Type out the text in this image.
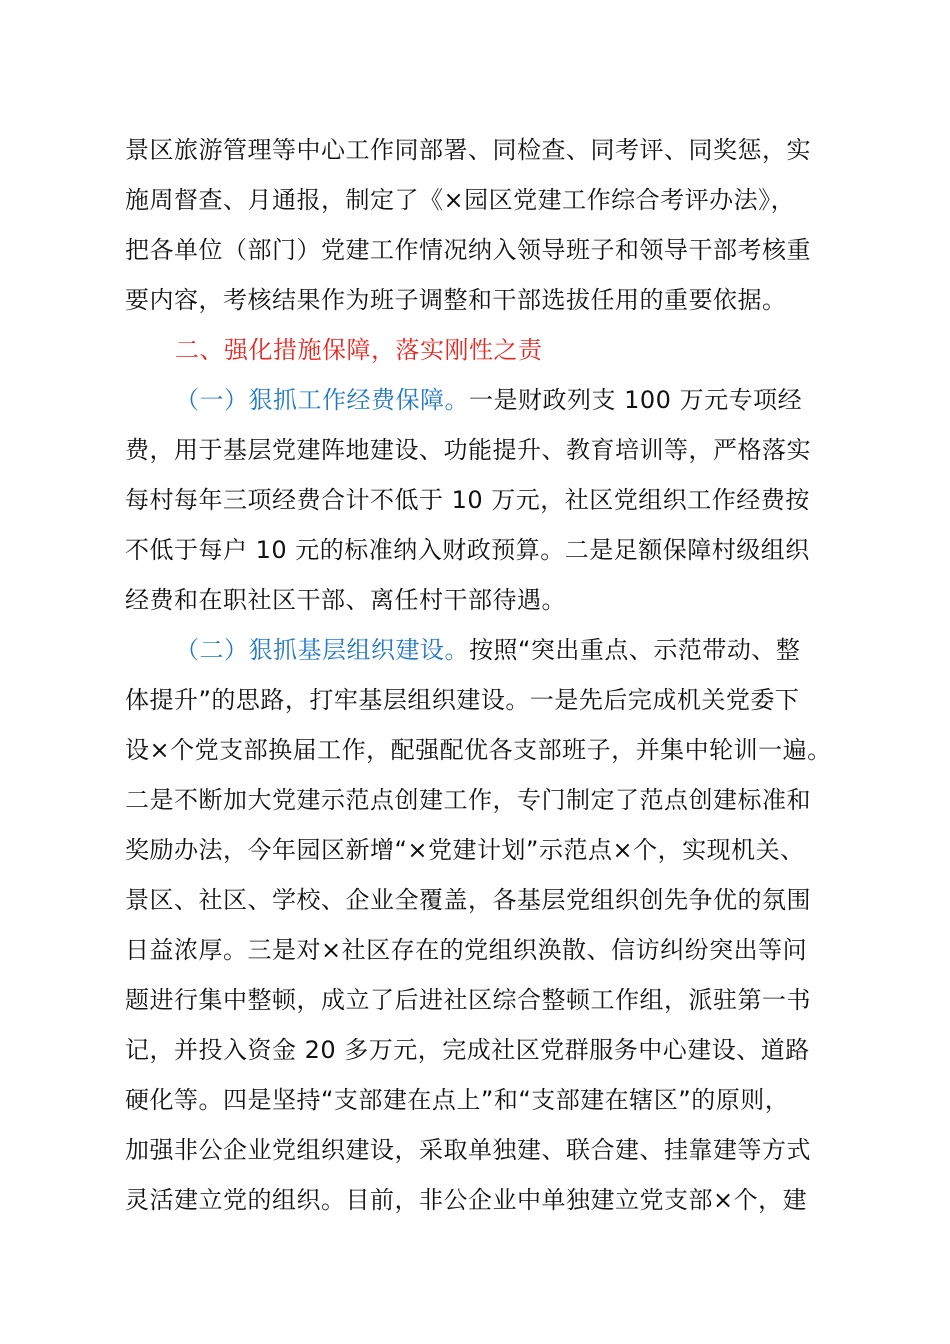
景区旅游管理等中心工作同部署、同检查、同考评、同奖惩，实
施周督查、月通报，制定了《×园区党建工作综合考评办法》，
把各单位（部门）党建工作情况纳入领导班子和领导干部考核重
要内容，考核结果作为班子调整和干部选拔任用的重要依据。
二、强化措施保障，落实刚性之责
（一）狠抓工作经费保障。一是财政列支 100 万元专项经
费，用于基层党建阵地建设、功能提升、教育培训等，严格落实
每村每年三项经费合计不低于 10 万元，社区党组织工作经费按
不低于每户 10 元的标准纳入财政预算。二是足额保障村级组织
经费和在职社区干部、离任村干部待遇。
（二）狠抓基层组织建设。按照“突出重点、示范带动、整
体提升”的思路，打牢基层组织建设。一是先后完成机关党委下
设×个党支部换届工作，配强配优各支部班子，并集中轮训一遍。
二是不断加大党建示范点创建工作，专门制定了范点创建标准和
奖励办法，今年园区新增“×党建计划”示范点×个，实现机关、
景区、社区、学校、企业全覆盖，各基层党组织创先争优的氛围
日益浓厚。三是对×社区存在的党组织涣散、信访纠纷突出等问
题进行集中整顿，成立了后进社区综合整顿工作组，派驻第一书
记，并投入资金 20 多万元，完成社区党群服务中心建设、道路
硬化等。四是坚持“支部建在点上”和“支部建在辖区”的原则，
加强非公企业党组织建设，采取单独建、联合建、挂靠建等方式
灵活建立党的组织。目前，非公企业中单独建立党支部×个，建
